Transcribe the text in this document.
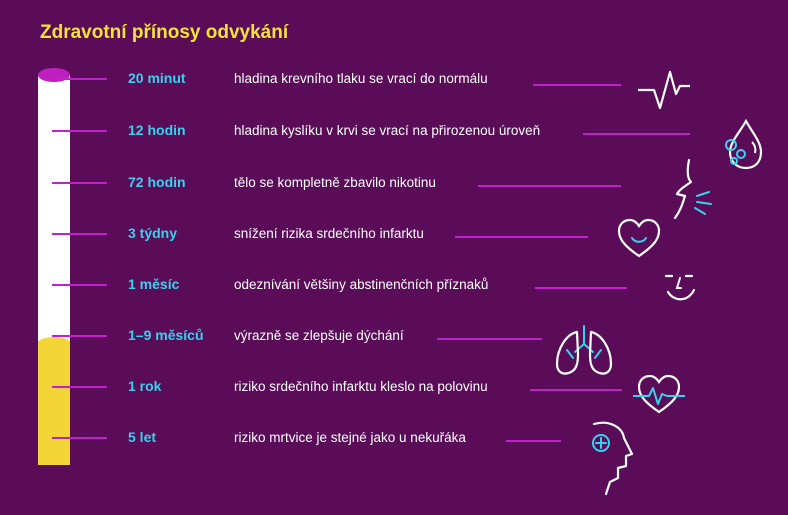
Zdravotní přínosy odvykání
20 minut	hladina krevního tlaku se vrací do normálu
12 hodin	hladina kyslíku v krvi se vrací na přirozenou úroveň
72 hodin	tělo se kompletně zbavilo nikotinu
3 týdny	snížení rizika srdečního infarktu
1 měsíc	odeznívání většiny abstinenčních příznaků
1–9 měsíců výrazně se zlepšuje dýchání
1 rok	riziko srdečního infarktu kleslo na polovinu
5 let	riziko mrtvice je stejné jako u nekuřáka
